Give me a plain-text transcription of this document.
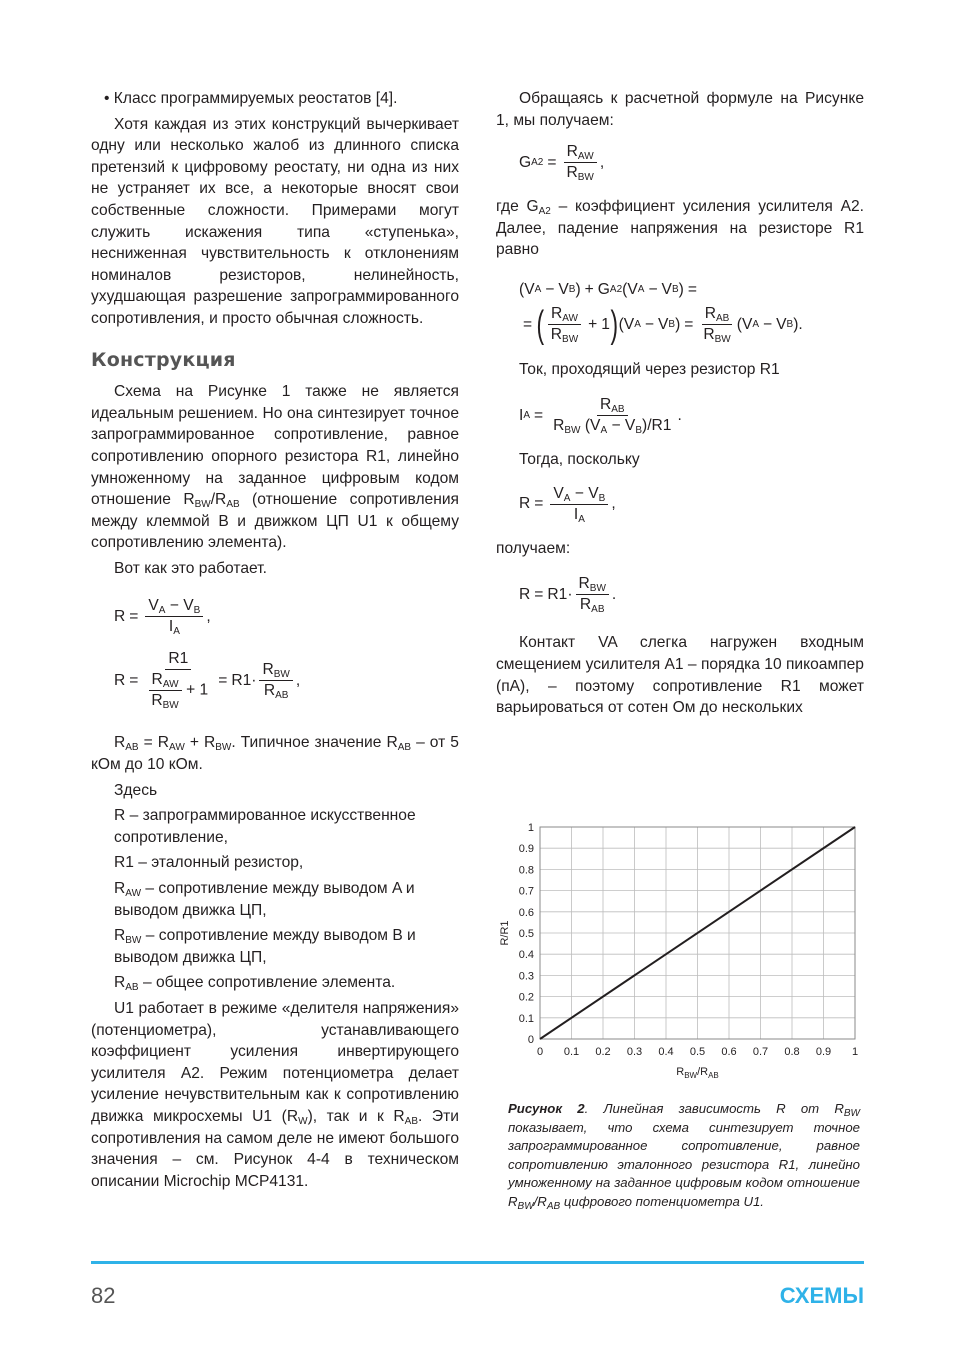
• Класс программируемых реостатов [4].

Хотя каждая из этих конструкций вычеркивает одну или несколько жалоб из длинного списка претензий к цифровому реостату, ни одна из них не устраняет их все, а некоторые вносят свои собственные сложности. Примерами могут служить искажения типа «ступенька», несниженная чувствительность к отклонениям номиналов резисторов, нелинейность, ухудшающая разрешение запрограммированного сопротивления, и просто обычная сложность.

Конструкция

Схема на Рисунке 1 также не является идеальным решением. Но она синтезирует точное запрограммированное сопротивление, равное сопротивлению опорного резистора R1, линейно умноженному на заданное цифровым кодом отношение $R_{BW}/R_{AB}$ (отношение сопротивления между клеммой B и движком ЦП U1 к общему сопротивлению элемента).

Вот как это работает.

$R = \frac{V_A - V_B}{I_A}$ ,
$R = \frac{R1}{\frac{R_{AW}}{R_{BW}} + 1} = R1 \cdot \frac{R_{BW}}{R_{AB}}$ ,

$R_{AB} = R_{AW} + R_{BW}$. Типичное значение $R_{AB}$ – от 5 кОм до 10 кОм.

Здесь

R – запрограммированное искусственное сопротивление,

R1 – эталонный резистор,

$R_{AW}$ – сопротивление между выводом A и выводом движка ЦП,

$R_{BW}$ – сопротивление между выводом B и выводом движка ЦП,

$R_{AB}$ – общее сопротивление элемента.

U1 работает в режиме «делителя напряжения» (потенциометра), устанавливающего коэффициент усиления инвертирующего усилителя A2. Режим потенциометра делает усиление нечувствительным как к сопротивлению движка микросхемы U1 $(R_W)$, так и к $R_{AB}$. Эти сопротивления на самом деле не имеют большого значения – см. Рисунок 4-4 в техническом описании Microchip MCP4131.

Обращаясь к расчетной формуле на Рисунке 1, мы получаем:

G $A2 = \frac{R_{AW}}{R_{BW}}$ ,

где $G_{A2}$ – коэффициент усиления усилителя A2. Далее, падение напряжения на резисторе R1 равно

( V A − V B ) + G A2 ( V A − V B ) =
= ( $\frac{R_{AW}}{R_{BW}} + 1$ ) ( V A − V B ) = $\frac{R_{AB}}{R_{BW}}$ ( V A − V B ) .

Ток, проходящий через резистор R1

I $A = \frac{R_{AB}}{R_{BW} (V_A - V_B)/R1}$ .

Тогда, поскольку

$R = \frac{V_A - V_B}{I_A}$ ,

получаем:

$R = R1 \cdot \frac{R_{BW}}{R_{AB}}$ .

Контакт VA слегка нагружен входным смещением усилителя A1 – порядка 10 пикоампер (пА), – поэтому сопротивление R1 может варьироваться от сотен Ом до нескольких

0 0.1 0.2 0.3 0.4 0.5 0.6 0.7 0.8 0.9 1
0
0.1
0.2
0.3
0.4
0.5
0.6
0.7
0.8
0.9
1
$R_{BW}/R_{AB}$
R/R1
Рисунок 2. Линейная зависимость R от $R_{BW}$ показывает, что схема синтезирует точное запрограммированное сопротивление, равное сопротивлению эталонного резистора R1, линейно умноженному на заданное цифровым кодом отношение $R_{BW}/R_{AB}$ цифрового потенциометра U1.
82	СХЕМЫ
